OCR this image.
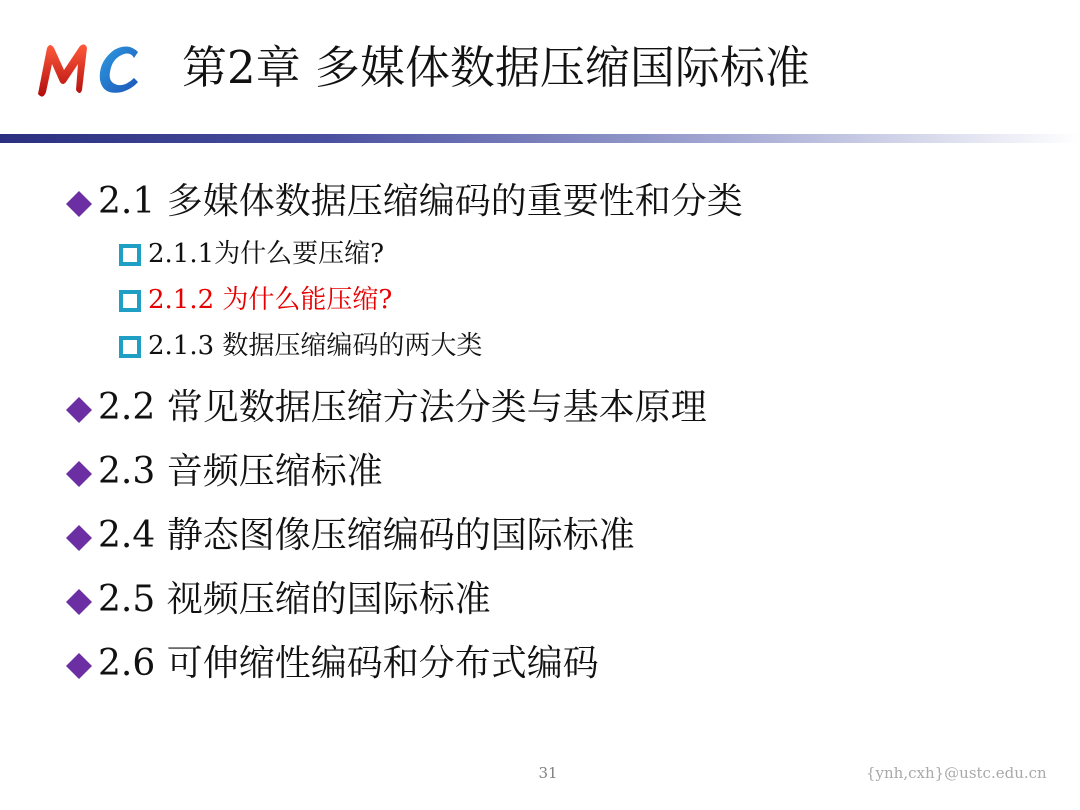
MC
第2章 多媒体数据压缩国际标准
2.1 多媒体数据压缩编码的重要性和分类
2.1.1为什么要压缩?
2.1.2 为什么能压缩?
2.1.3 数据压缩编码的两大类
2.2 常见数据压缩方法分类与基本原理
2.3 音频压缩标准
2.4 静态图像压缩编码的国际标准
2.5 视频压缩的国际标准
2.6 可伸缩性编码和分布式编码
31	{ynh,cxh}@ustc.edu.cn
